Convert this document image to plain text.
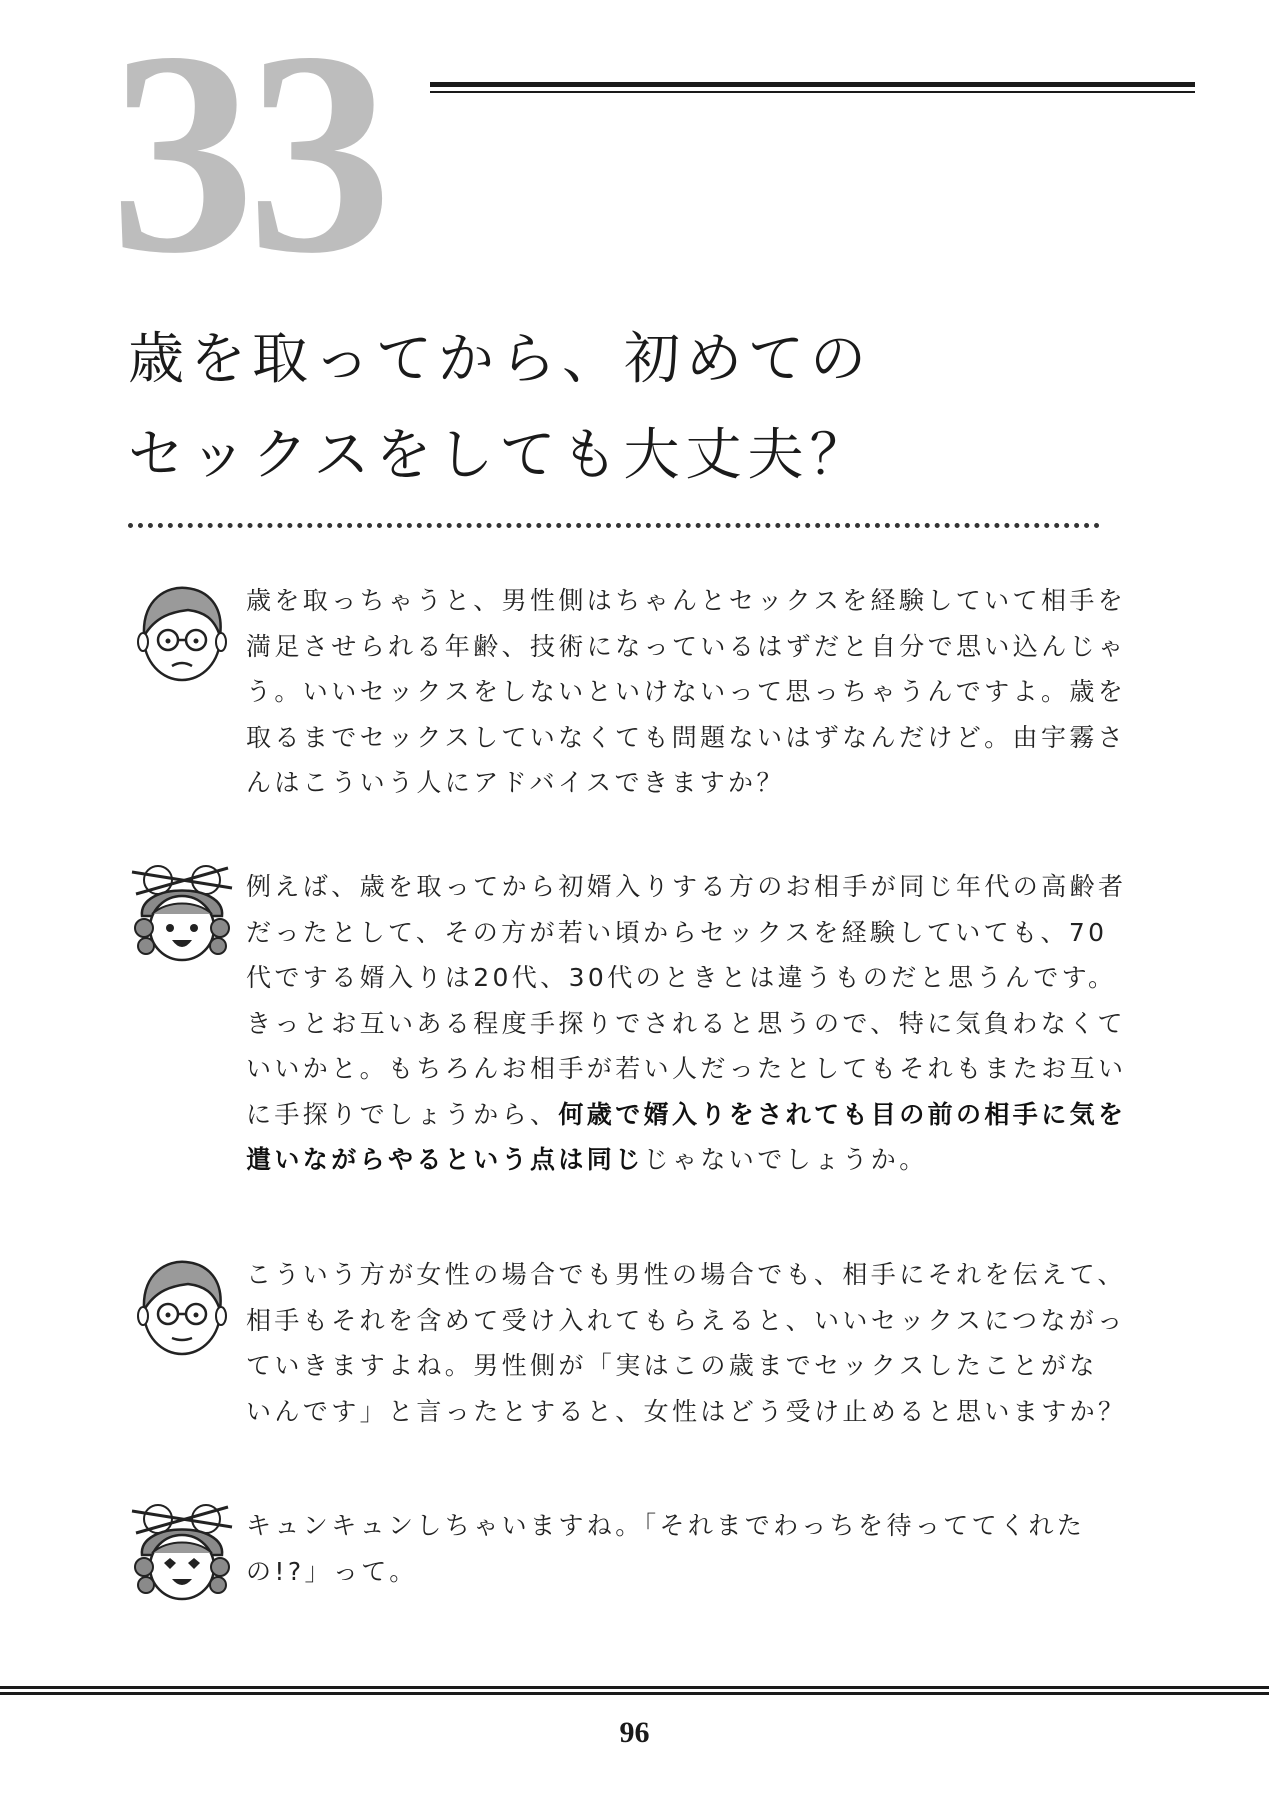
33
歳を取ってから、初めての
セックスをしても大丈夫？
歳を取っちゃうと、男性側はちゃんとセックスを経験していて相手を
満足させられる年齢、技術になっているはずだと自分で思い込んじゃ
う。いいセックスをしないといけないって思っちゃうんですよ。歳を
取るまでセックスしていなくても問題ないはずなんだけど。由宇霧さ
んはこういう人にアドバイスできますか？
例えば、歳を取ってから初婿入りする方のお相手が同じ年代の高齢者
だったとして、その方が若い頃からセックスを経験していても、70
代でする婿入りは20代、30代のときとは違うものだと思うんです。
きっとお互いある程度手探りでされると思うので、特に気負わなくて
いいかと。もちろんお相手が若い人だったとしてもそれもまたお互い
に手探りでしょうから、何歳で婿入りをされても目の前の相手に気を
遣いながらやるという点は同じじゃないでしょうか。
こういう方が女性の場合でも男性の場合でも、相手にそれを伝えて、
相手もそれを含めて受け入れてもらえると、いいセックスにつながっ
ていきますよね。男性側が「実はこの歳までセックスしたことがな
いんです」と言ったとすると、女性はどう受け止めると思いますか？
キュンキュンしちゃいますね。「それまでわっちを待っててくれた
の!?」って。
96
